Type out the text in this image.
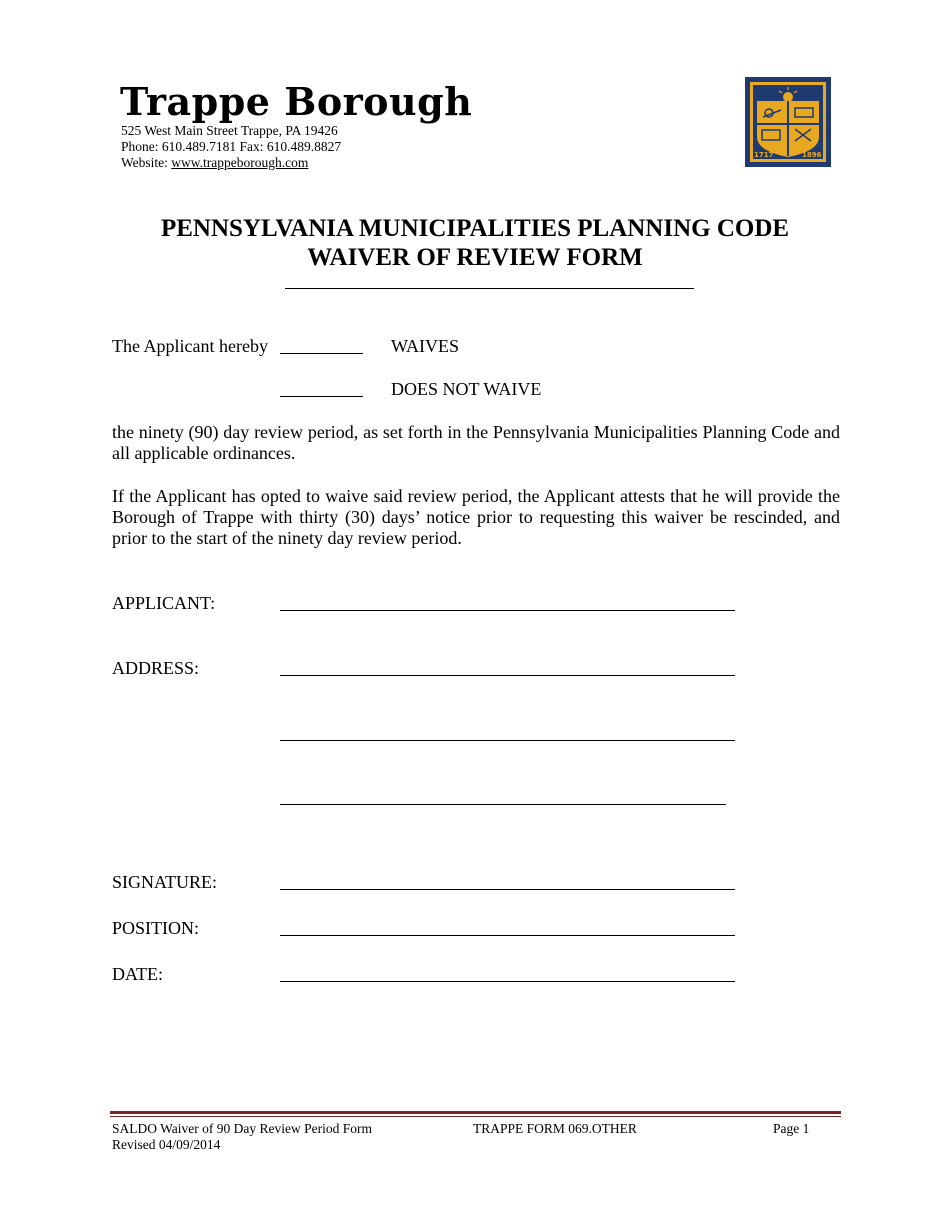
Trappe Borough
525 West Main Street Trappe, PA 19426
Phone: 610.489.7181 Fax: 610.489.8827
Website: www.trappeborough.com	1717	1896
PENNSYLVANIA MUNICIPALITIES PLANNING CODE
WAIVER OF REVIEW FORM
The Applicant hereby	WAIVES
DOES NOT WAIVE
the ninety (90) day review period, as set forth in the Pennsylvania Municipalities Planning Code and all applicable ordinances.
If the Applicant has opted to waive said review period, the Applicant attests that he will provide the Borough of Trappe with thirty (30) days’ notice prior to requesting this waiver be rescinded, and prior to the start of the ninety day review period.
APPLICANT:
ADDRESS:
SIGNATURE:
POSITION:
DATE:
SALDO Waiver of 90 Day Review Period Form
Revised 04/09/2014
TRAPPE FORM 069.OTHER	Page 1
